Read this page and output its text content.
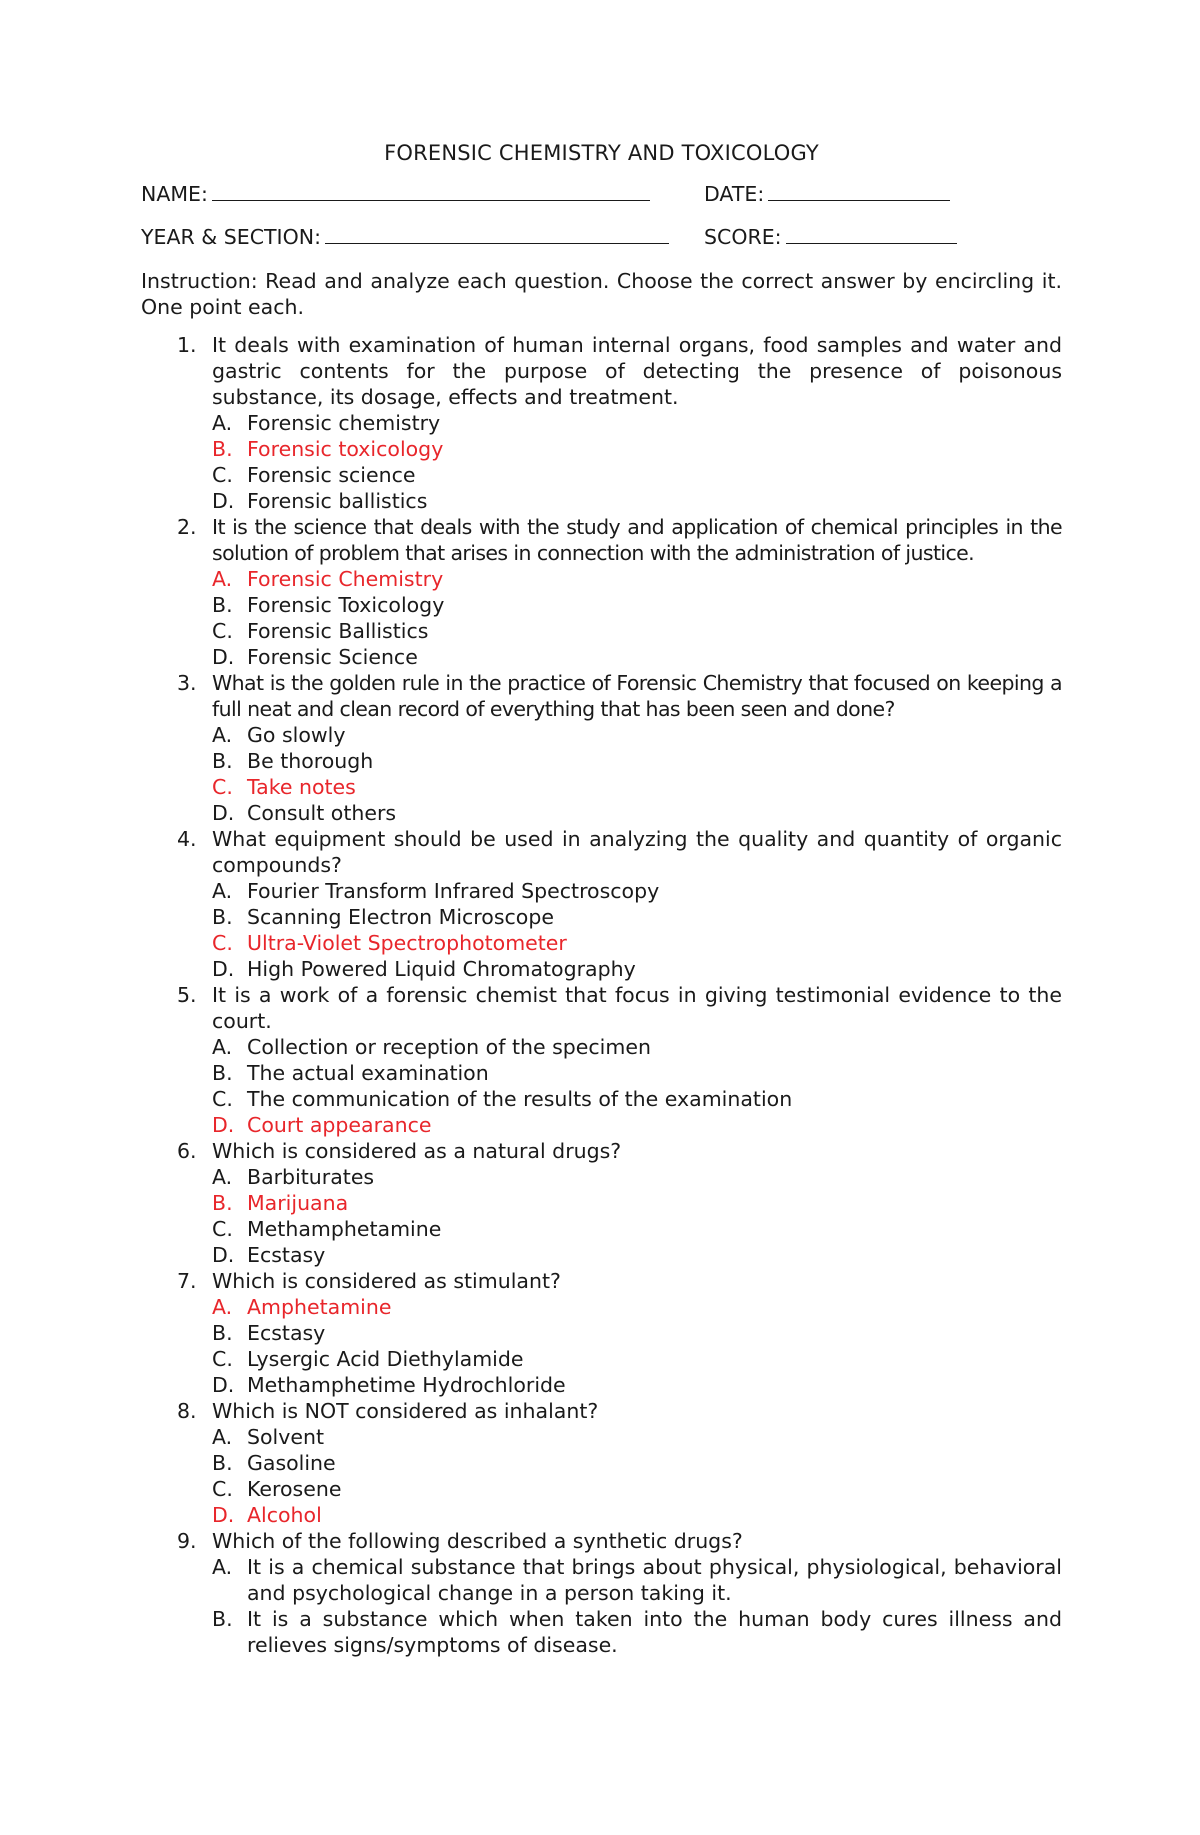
FORENSIC CHEMISTRY AND TOXICOLOGY
NAME:	DATE:
YEAR & SECTION:	SCORE:
Instruction: Read and analyze each question. Choose the correct answer by encircling it. One point each.
1. It deals with examination of human internal organs, food samples and water and gastric contents for the purpose of detecting the presence of poisonous substance, its dosage, effects and treatment.
A. Forensic chemistry
B. Forensic toxicology
C. Forensic science
D. Forensic ballistics
2. It is the science that deals with the study and application of chemical principles in the solution of problem that arises in connection with the administration of justice.
A. Forensic Chemistry
B. Forensic Toxicology
C. Forensic Ballistics
D. Forensic Science
3. What is the golden rule in the practice of Forensic Chemistry that focused on keeping a full neat and clean record of everything that has been seen and done?
A. Go slowly
B. Be thorough
C. Take notes
D. Consult others
4. What equipment should be used in analyzing the quality and quantity of organic compounds?
A. Fourier Transform Infrared Spectroscopy
B. Scanning Electron Microscope
C. Ultra-Violet Spectrophotometer
D. High Powered Liquid Chromatography
5. It is a work of a forensic chemist that focus in giving testimonial evidence to the court.
A. Collection or reception of the specimen
B. The actual examination
C. The communication of the results of the examination
D. Court appearance
6. Which is considered as a natural drugs?
A. Barbiturates
B. Marijuana
C. Methamphetamine
D. Ecstasy
7. Which is considered as stimulant?
A. Amphetamine
B. Ecstasy
C. Lysergic Acid Diethylamide
D. Methamphetime Hydrochloride
8. Which is NOT considered as inhalant?
A. Solvent
B. Gasoline
C. Kerosene
D. Alcohol
9. Which of the following described a synthetic drugs?
A. It is a chemical substance that brings about physical, physiological, behavioral and psychological change in a person taking it.
B. It is a substance which when taken into the human body cures illness and relieves signs/symptoms of disease.
